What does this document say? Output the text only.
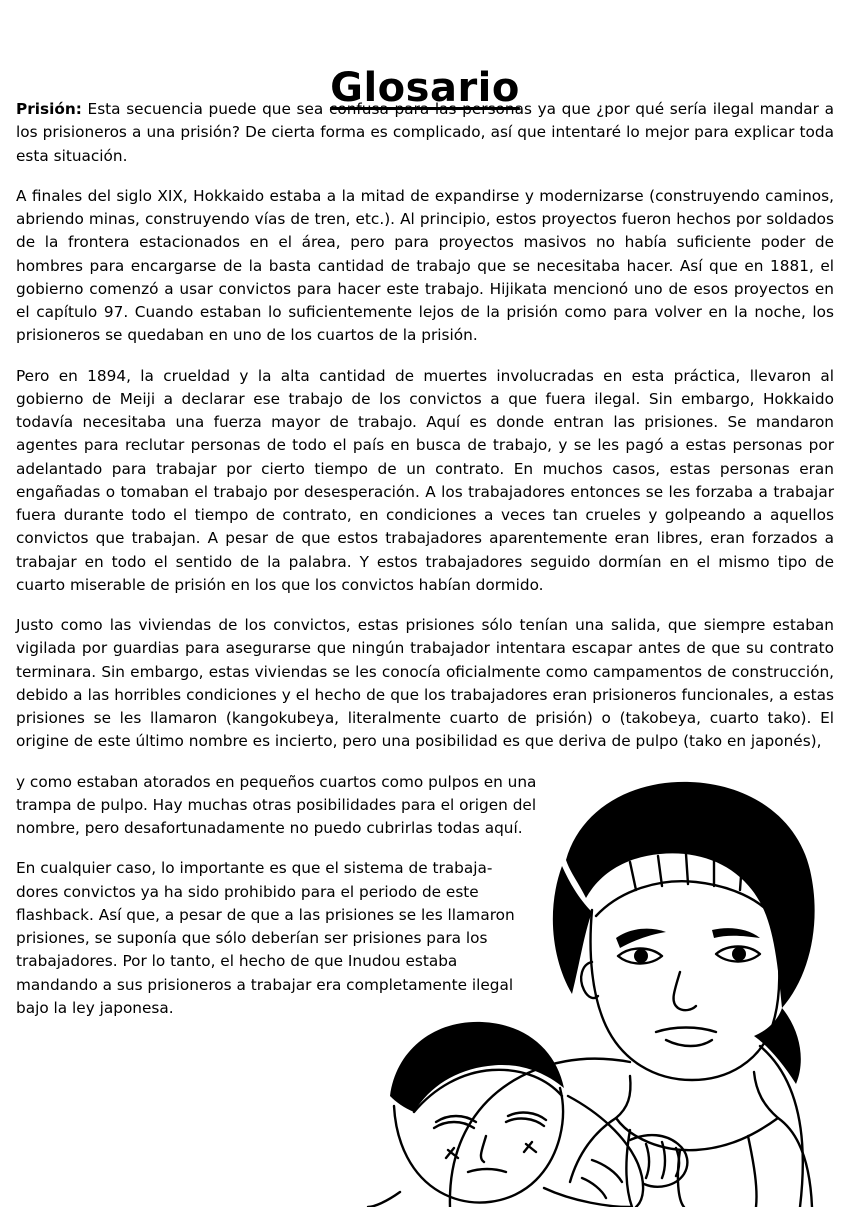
Glosario

Prisión: Esta secuencia puede que sea confusa para las personas ya que ¿por qué sería ilegal mandar a los prisioneros a una prisión? De cierta forma es complicado, así que intentaré lo mejor para explicar toda esta situación.

A finales del siglo XIX, Hokkaido estaba a la mitad de expandirse y modernizarse (construyendo caminos, abriendo minas, construyendo vías de tren, etc.). Al principio, estos proyectos fueron hechos por soldados de la frontera estacionados en el área, pero para proyectos masivos no había suficiente poder de hombres para encargarse de la basta cantidad de trabajo que se necesitaba hacer. Así que en 1881, el gobierno comenzó a usar convictos para hacer este trabajo. Hijikata mencionó uno de esos proyectos en el capítulo 97. Cuando estaban lo suficientemente lejos de la prisión como para volver en la noche, los prisioneros se quedaban en uno de los cuartos de la prisión.

Pero en 1894, la crueldad y la alta cantidad de muertes involucradas en esta práctica, llevaron al gobierno de Meiji a declarar ese trabajo de los convictos a que fuera ilegal. Sin embargo, Hokkaido todavía necesitaba una fuerza mayor de trabajo. Aquí es donde entran las prisiones. Se mandaron agentes para reclutar personas de todo el país en busca de trabajo, y se les pagó a estas personas por adelantado para trabajar por cierto tiempo de un contrato. En muchos casos, estas personas eran engañadas o tomaban el trabajo por desesperación. A los trabajadores entonces se les forzaba a trabajar fuera durante todo el tiempo de contrato, en condiciones a veces tan crueles y golpeando a aquellos convictos que trabajan. A pesar de que estos trabajadores aparentemente eran libres, eran forzados a trabajar en todo el sentido de la palabra. Y estos trabajadores seguido dormían en el mismo tipo de cuarto miserable de prisión en los que los convictos habían dormido.

Justo como las viviendas de los convictos, estas prisiones sólo tenían una salida, que siempre estaban vigilada por guardias para asegurarse que ningún trabajador intentara escapar antes de que su contrato terminara. Sin embargo, estas viviendas se les conocía oficialmente como campamentos de construcción, debido a las horribles condiciones y el hecho de que los trabajadores eran prisioneros funcionales, a estas prisiones se les llamaron (kangokubeya, literalmente cuarto de prisión) o (takobeya, cuarto tako). El origine de este último nombre es incierto, pero una posibilidad es que deriva de pulpo (tako en japonés),

y como estaban atorados en pequeños cuartos como pulpos en una trampa de pulpo. Hay muchas otras posibilidades para el origen del nombre, pero desafortunadamente no puedo cubrirlas todas aquí.

En cualquier caso, lo importante es que el sistema de trabaja-dores convictos ya ha sido prohibido para el periodo de este flashback. Así que, a pesar de que a las prisiones se les llamaron prisiones, se suponía que sólo deberían ser prisiones para los trabajadores. Por lo tanto, el hecho de que Inudou estaba mandando a sus prisioneros a trabajar era completamente ilegal bajo la ley japonesa.
